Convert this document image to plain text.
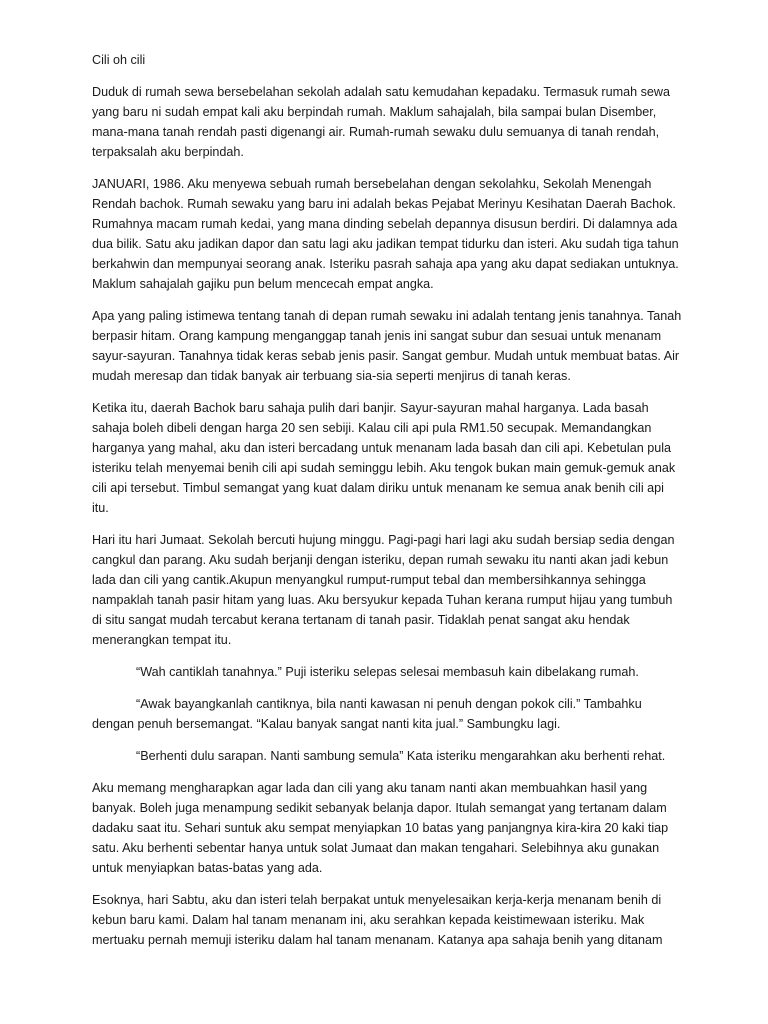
Cili oh cili

Duduk di rumah sewa bersebelahan sekolah adalah satu kemudahan kepadaku. Termasuk rumah sewa yang baru ni sudah empat kali aku berpindah rumah. Maklum sahajalah, bila sampai bulan Disember, mana-mana tanah rendah pasti digenangi air. Rumah-rumah sewaku dulu semuanya di tanah rendah, terpaksalah aku berpindah.

JANUARI, 1986. Aku menyewa sebuah rumah bersebelahan dengan sekolahku, Sekolah Menengah Rendah bachok. Rumah sewaku yang baru ini adalah bekas Pejabat Merinyu Kesihatan Daerah Bachok. Rumahnya macam rumah kedai, yang mana dinding sebelah depannya disusun berdiri. Di dalamnya ada dua bilik. Satu aku jadikan dapor dan satu lagi aku jadikan tempat tidurku dan isteri. Aku sudah tiga tahun berkahwin dan mempunyai seorang anak. Isteriku pasrah sahaja apa yang aku dapat sediakan untuknya. Maklum sahajalah gajiku pun belum mencecah empat angka.

Apa yang paling istimewa tentang tanah di depan rumah sewaku ini adalah tentang jenis tanahnya. Tanah berpasir hitam. Orang kampung menganggap tanah jenis ini sangat subur dan sesuai untuk menanam sayur-sayuran. Tanahnya tidak keras sebab jenis pasir. Sangat gembur. Mudah untuk membuat batas. Air mudah meresap dan tidak banyak air terbuang sia-sia seperti menjirus di tanah keras.

Ketika itu, daerah Bachok baru sahaja pulih dari banjir. Sayur-sayuran mahal harganya. Lada basah sahaja boleh dibeli dengan harga 20 sen sebiji. Kalau cili api pula RM1.50 secupak. Memandangkan harganya yang mahal, aku dan isteri bercadang untuk menanam lada basah dan cili api. Kebetulan pula isteriku telah menyemai benih cili api sudah seminggu lebih. Aku tengok bukan main gemuk-gemuk anak cili api tersebut. Timbul semangat yang kuat dalam diriku untuk menanam ke semua anak benih cili api itu.

Hari itu hari Jumaat. Sekolah bercuti hujung minggu. Pagi-pagi hari lagi aku sudah bersiap sedia dengan cangkul dan parang. Aku sudah berjanji dengan isteriku, depan rumah sewaku itu nanti akan jadi kebun lada dan cili yang cantik.Akupun menyangkul rumput-rumput tebal dan membersihkannya sehingga nampaklah tanah pasir hitam yang luas. Aku bersyukur kepada Tuhan kerana rumput hijau yang tumbuh di situ sangat mudah tercabut kerana tertanam di tanah pasir. Tidaklah penat sangat aku hendak menerangkan tempat itu.

“Wah cantiklah tanahnya.” Puji isteriku selepas selesai membasuh kain dibelakang rumah.

“Awak bayangkanlah cantiknya, bila nanti kawasan ni penuh dengan pokok cili.” Tambahku dengan penuh bersemangat. “Kalau banyak sangat nanti kita jual.” Sambungku lagi.

“Berhenti dulu sarapan. Nanti sambung semula” Kata isteriku mengarahkan aku berhenti rehat.

Aku memang mengharapkan agar lada dan cili yang aku tanam nanti akan membuahkan hasil yang banyak. Boleh juga menampung sedikit sebanyak belanja dapor. Itulah semangat yang tertanam dalam dadaku saat itu. Sehari suntuk aku sempat menyiapkan 10 batas yang panjangnya kira-kira 20 kaki tiap satu. Aku berhenti sebentar hanya untuk solat Jumaat dan makan tengahari. Selebihnya aku gunakan untuk menyiapkan batas-batas yang ada.

Esoknya, hari Sabtu, aku dan isteri telah berpakat untuk menyelesaikan kerja-kerja menanam benih di kebun baru kami. Dalam hal tanam menanam ini, aku serahkan kepada keistimewaan isteriku. Mak mertuaku pernah memuji isteriku dalam hal tanam menanam. Katanya apa sahaja benih yang ditanam
